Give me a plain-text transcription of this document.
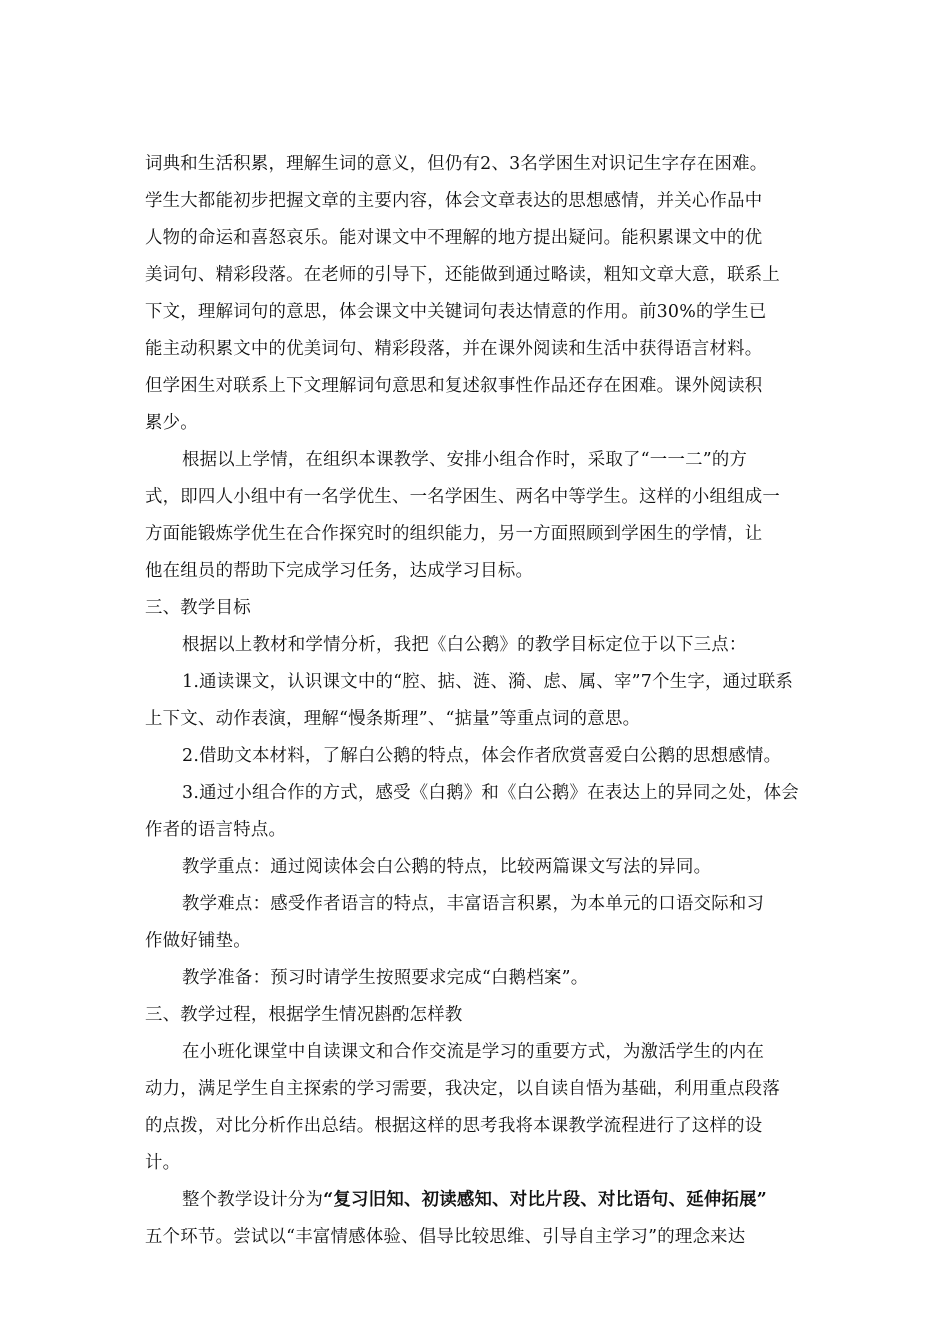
词典和生活积累，理解生词的意义，但仍有2、3名学困生对识记生字存在困难。
学生大都能初步把握文章的主要内容，体会文章表达的思想感情，并关心作品中
人物的命运和喜怒哀乐。能对课文中不理解的地方提出疑问。能积累课文中的优
美词句、精彩段落。在老师的引导下，还能做到通过略读，粗知文章大意，联系上
下文，理解词句的意思，体会课文中关键词句表达情意的作用。前30%的学生已
能主动积累文中的优美词句、精彩段落，并在课外阅读和生活中获得语言材料。
但学困生对联系上下文理解词句意思和复述叙事性作品还存在困难。课外阅读积
累少。
根据以上学情，在组织本课教学、安排小组合作时，采取了“一一二”的方
式，即四人小组中有一名学优生、一名学困生、两名中等学生。这样的小组组成一
方面能锻炼学优生在合作探究时的组织能力，另一方面照顾到学困生的学情，让
他在组员的帮助下完成学习任务，达成学习目标。
三、教学目标
根据以上教材和学情分析，我把《白公鹅》的教学目标定位于以下三点：
1.通读课文，认识课文中的“腔、掂、涟、漪、虑、属、宰”7个生字，通过联系
上下文、动作表演，理解“慢条斯理”、“掂量”等重点词的意思。
2.借助文本材料，了解白公鹅的特点，体会作者欣赏喜爱白公鹅的思想感情。
3.通过小组合作的方式，感受《白鹅》和《白公鹅》在表达上的异同之处，体会
作者的语言特点。
教学重点：通过阅读体会白公鹅的特点，比较两篇课文写法的异同。
教学难点：感受作者语言的特点，丰富语言积累，为本单元的口语交际和习
作做好铺垫。
教学准备：预习时请学生按照要求完成“白鹅档案”。
三、教学过程，根据学生情况斟酌怎样教
在小班化课堂中自读课文和合作交流是学习的重要方式，为激活学生的内在
动力，满足学生自主探索的学习需要，我决定，以自读自悟为基础，利用重点段落
的点拨，对比分析作出总结。根据这样的思考我将本课教学流程进行了这样的设
计。
整个教学设计分为“复习旧知、初读感知、对比片段、对比语句、延伸拓展”
五个环节。尝试以“丰富情感体验、倡导比较思维、引导自主学习”的理念来达
